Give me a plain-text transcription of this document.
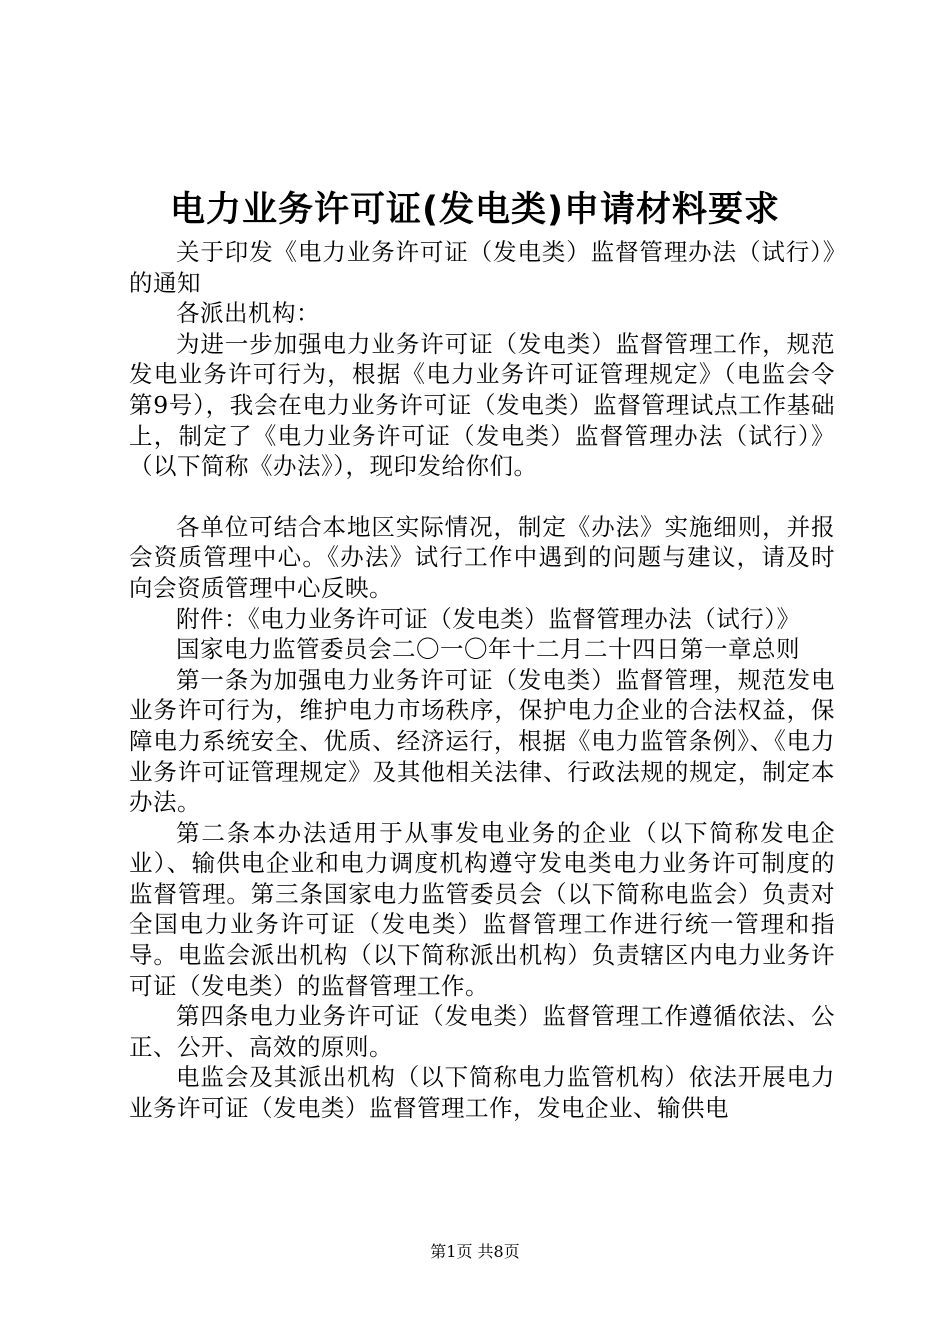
电力业务许可证(发电类)申请材料要求

关于印发《电力业务许可证（发电类）监督管理办法（试行）》的通知

各派出机构：

为进一步加强电力业务许可证（发电类）监督管理工作，规范发电业务许可行为，根据《电力业务许可证管理规定》（电监会令第9号），我会在电力业务许可证（发电类）监督管理试点工作基础上，制定了《电力业务许可证（发电类）监督管理办法（试行）》（以下简称《办法》），现印发给你们。

各单位可结合本地区实际情况，制定《办法》实施细则，并报会资质管理中心。《办法》试行工作中遇到的问题与建议，请及时向会资质管理中心反映。

附件：《电力业务许可证（发电类）监督管理办法（试行）》

国家电力监管委员会二〇一〇年十二月二十四日第一章总则

第一条为加强电力业务许可证（发电类）监督管理，规范发电业务许可行为，维护电力市场秩序，保护电力企业的合法权益，保障电力系统安全、优质、经济运行，根据《电力监管条例》、《电力业务许可证管理规定》及其他相关法律、行政法规的规定，制定本办法。

第二条本办法适用于从事发电业务的企业（以下简称发电企业）、输供电企业和电力调度机构遵守发电类电力业务许可制度的监督管理。第三条国家电力监管委员会（以下简称电监会）负责对全国电力业务许可证（发电类）监督管理工作进行统一管理和指导。电监会派出机构（以下简称派出机构）负责辖区内电力业务许可证（发电类）的监督管理工作。

第四条电力业务许可证（发电类）监督管理工作遵循依法、公正、公开、高效的原则。

电监会及其派出机构（以下简称电力监管机构）依法开展电力业务许可证（发电类）监督管理工作，发电企业、输供电

第1页 共8页
